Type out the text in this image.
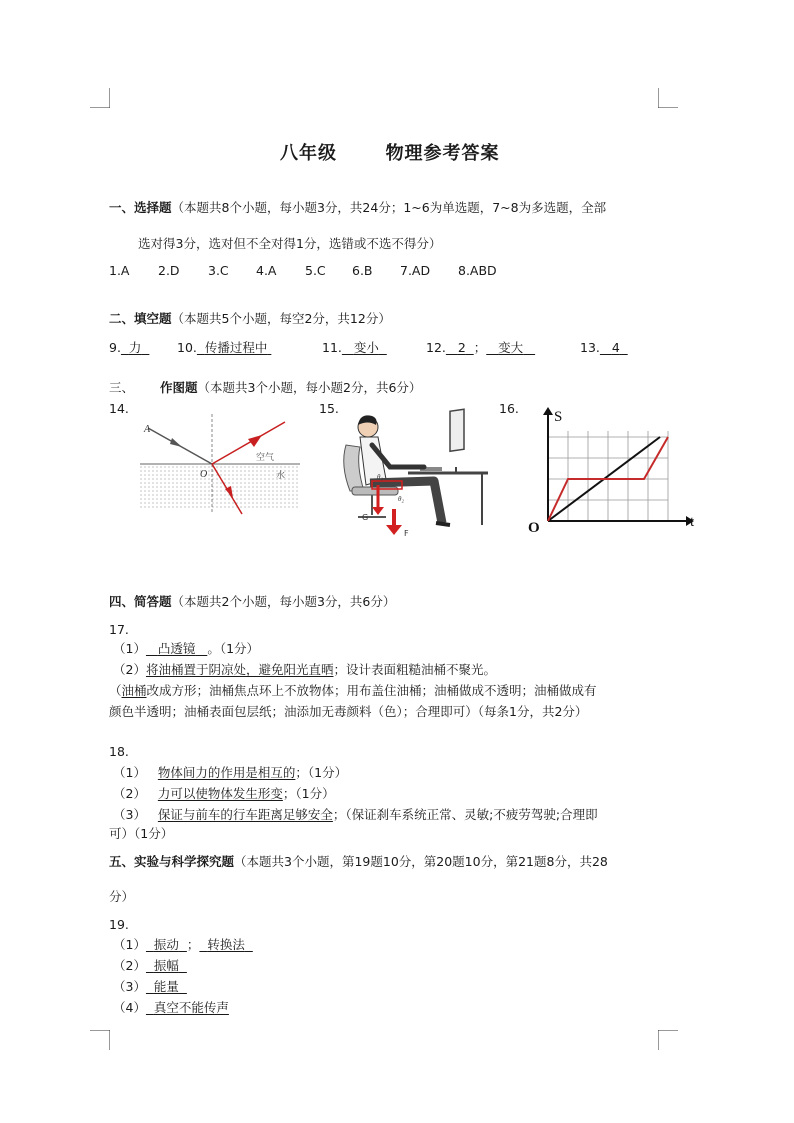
八年级	物理参考答案
一、选择题（本题共8个小题，每小题3分，共24分；1~6为单选题，7~8为多选题，全部
选对得3分，选对但不全对得1分，选错或不选不得分）
1.A 2.D 3.C 4.A 5.C 6.B 7.AD 8.ABD
二、填空题（本题共5个小题，每空2分，共12分）
9. 力	10. 传播过程中	11. 变小	12. 2 ； 变大	13. 4
三、 作图题（本题共3个小题，每小题2分，共6分）
14.	15.	16.
A
O
空气
水	θ₁
θ₂
G
F
S
t
O
四、简答题（本题共2个小题，每小题3分，共6分）
17.
（1） 凸透镜 。（1分）
（2）将油桶置于阴凉处，避免阳光直晒；设计表面粗糙油桶不聚光。
（油桶改成方形；油桶焦点环上不放物体；用布盖住油桶；油桶做成不透明；油桶做成有
颜色半透明；油桶表面包层纸；油添加无毒颜料（色）；合理即可）（每条1分，共2分）
18.
（1） 物体间力的作用是相互的；（1分）
（2） 力可以使物体发生形变；（1分）
（3） 保证与前车的行车距离足够安全；（保证刹车系统正常、灵敏;不疲劳驾驶;合理即
可）（1分）
五、实验与科学探究题（本题共3个小题，第19题10分，第20题10分，第21题8分，共28
分）
19.
（1） 振动 ； 转换法
（2） 振幅
（3） 能量
（4） 真空不能传声
